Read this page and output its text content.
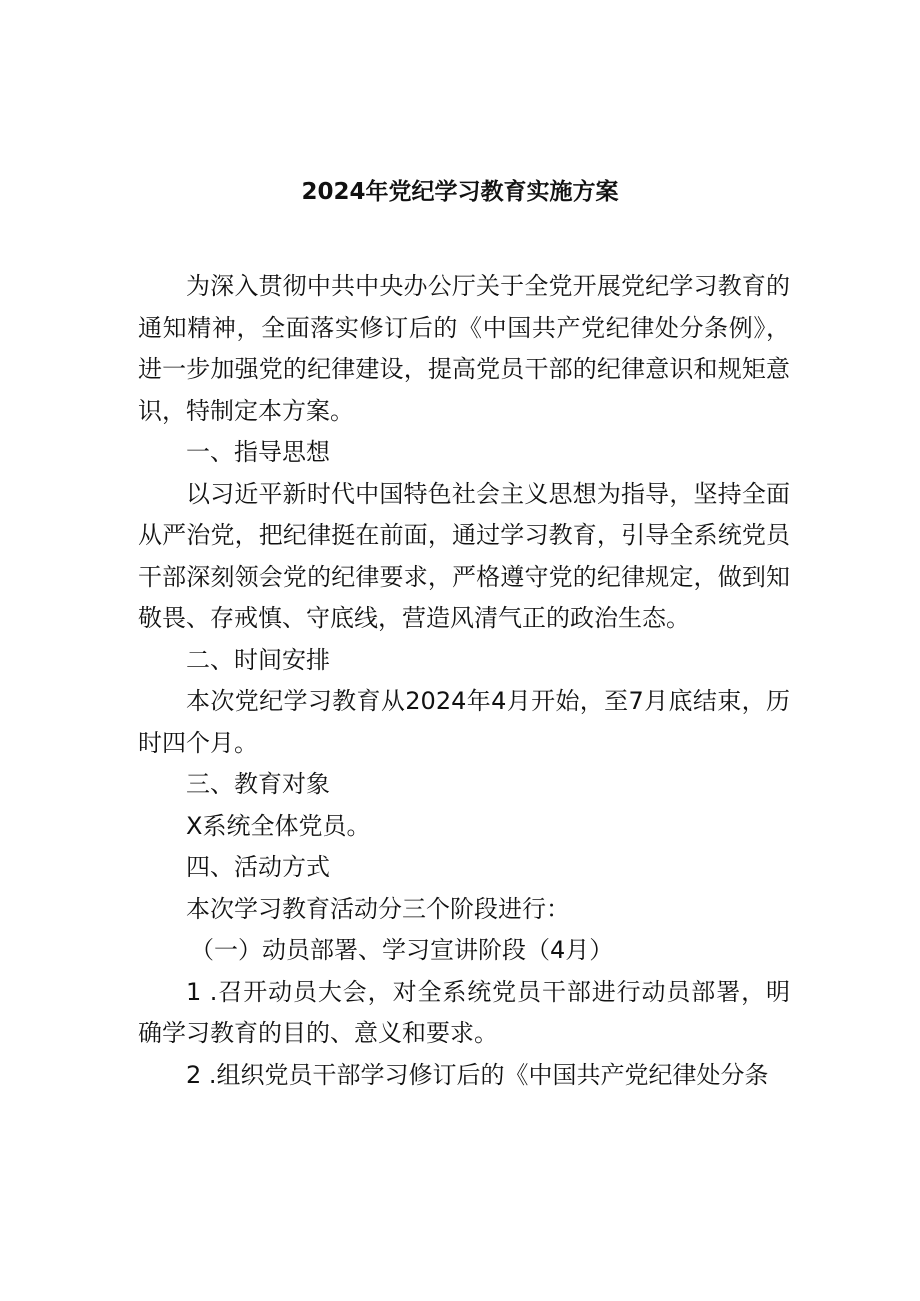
2024年党纪学习教育实施方案

为深入贯彻中共中央办公厅关于全党开展党纪学习教育的通知精神，全面落实修订后的《中国共产党纪律处分条例》，进一步加强党的纪律建设，提高党员干部的纪律意识和规矩意识，特制定本方案。

一、指导思想

以习近平新时代中国特色社会主义思想为指导，坚持全面从严治党，把纪律挺在前面，通过学习教育，引导全系统党员干部深刻领会党的纪律要求，严格遵守党的纪律规定，做到知敬畏、存戒慎、守底线，营造风清气正的政治生态。

二、时间安排

本次党纪学习教育从2024年4月开始，至7月底结束，历时四个月。

三、教育对象

X系统全体党员。

四、活动方式

本次学习教育活动分三个阶段进行：

（一）动员部署、学习宣讲阶段（4月）

1 .召开动员大会，对全系统党员干部进行动员部署，明确学习教育的目的、意义和要求。

2 .组织党员干部学习修订后的《中国共产党纪律处分条
